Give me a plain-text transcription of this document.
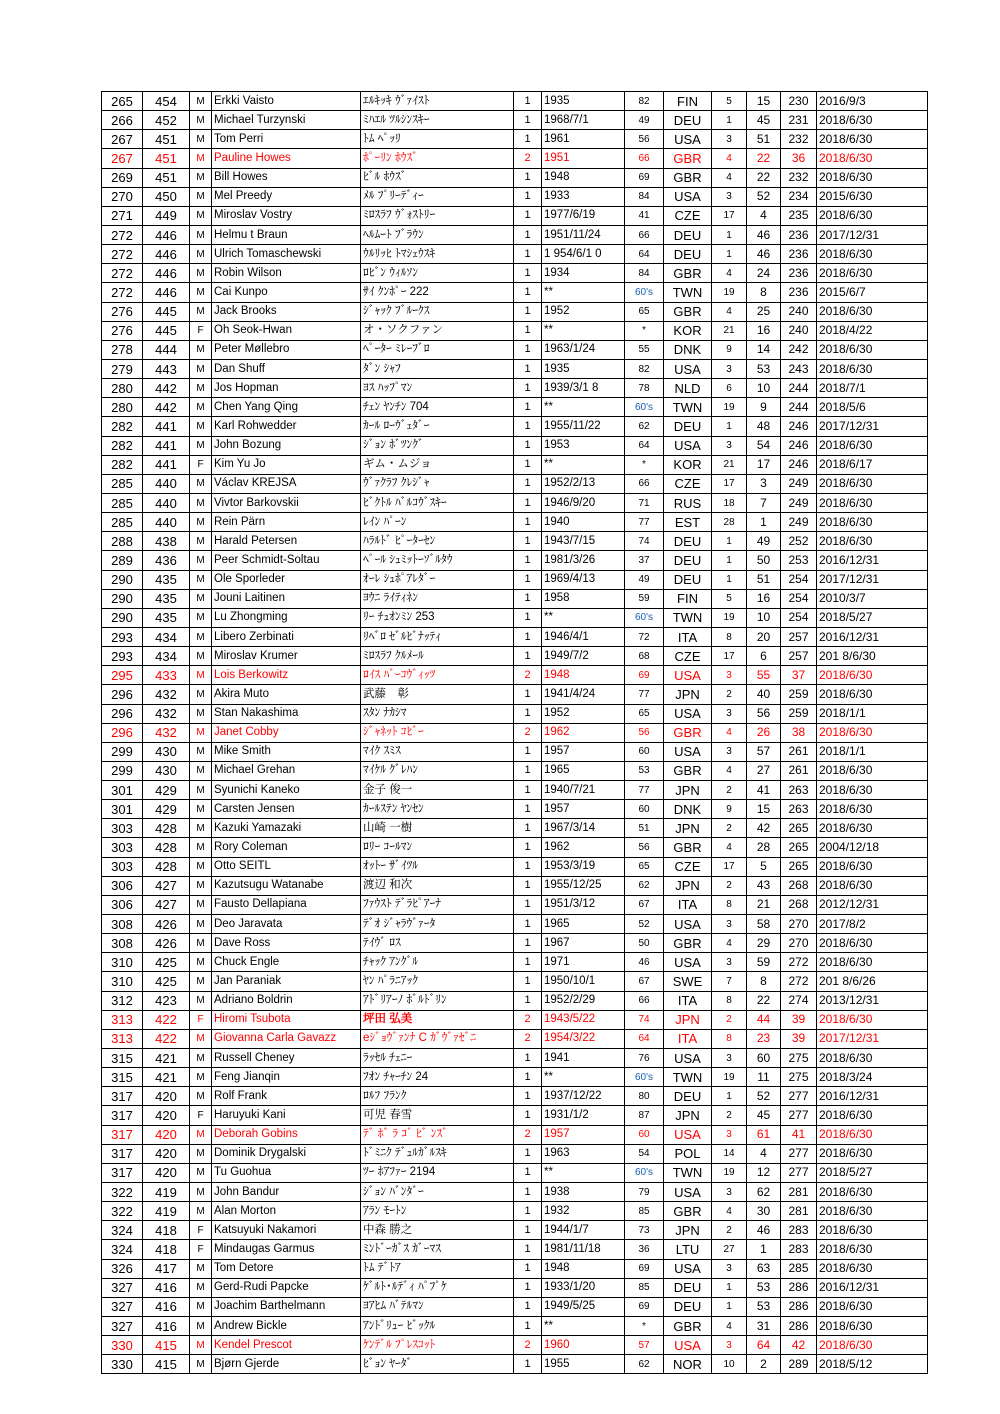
265	454	M	Erkki Vaisto	ｴﾙｷｯｷ ｳﾞｧｲｽﾄ	1	1935	82	FIN	5	15	230	2016/9/3
266	452	M	Michael Turzynski	ﾐﾊｴﾙ ﾂﾙｼﾝｽｷｰ	1	1968/7/1	49	DEU	1	45	231	2018/6/30
267	451	M	Tom Perri	ﾄﾑ ﾍﾟｯﾘ	1	1961	56	USA	3	51	232	2018/6/30
267	451	M	Pauline Howes	ﾎﾟｰﾘﾝ ﾎｳｽﾞ	2	1951	66	GBR	4	22	36	2018/6/30
269	451	M	Bill Howes	ﾋﾞﾙ ﾎｳｽﾞ	1	1948	69	GBR	4	22	232	2018/6/30
270	450	M	Mel Preedy	ﾒﾙ ﾌﾟﾘｰﾃﾞｨｰ	1	1933	84	USA	3	52	234	2015/6/30
271	449	M	Miroslav Vostry	ﾐﾛｽﾗﾌ ｳﾞｫｽﾄﾘｰ	1	1977/6/19	41	CZE	17	4	235	2018/6/30
272	446	M	Helmu t Braun	ﾍﾙﾑｰﾄ ﾌﾞﾗｳﾝ	1	1951/11/24	66	DEU	1	46	236	2017/12/31
272	446	M	Ulrich Tomaschewski	ｳﾙﾘｯﾋ ﾄﾏｼｪｳｽｷ	1	1 954/6/1 0	64	DEU	1	46	236	2018/6/30
272	446	M	Robin Wilson	ﾛﾋﾞﾝ ｳｨﾙｿﾝ	1	1934	84	GBR	4	24	236	2018/6/30
272	446	M	Cai Kunpo	ｻｲ ｸﾝﾎﾟｰ 222	1	**	60's	TWN	19	8	236	2015/6/7
276	445	M	Jack Brooks	ｼﾞｬｯｸ ﾌﾞﾙｰｸｽ	1	1952	65	GBR	4	25	240	2018/6/30
276	445	F	Oh Seok-Hwan	オ・ソクファン	1	**	*	KOR	21	16	240	2018/4/22
278	444	M	Peter Møllebro	ﾍﾟｰﾀｰ ﾐﾚｰﾌﾞﾛ	1	1963/1/24	55	DNK	9	14	242	2018/6/30
279	443	M	Dan Shuff	ﾀﾞﾝ ｼｬﾌ	1	1935	82	USA	3	53	243	2018/6/30
280	442	M	Jos Hopman	ﾖｽ ﾊｯﾌﾟﾏﾝ	1	1939/3/1 8	78	NLD	6	10	244	2018/7/1
280	442	M	Chen Yang Qing	ﾁｪﾝ ﾔﾝﾁﾝ 704	1	**	60's	TWN	19	9	244	2018/5/6
282	441	M	Karl Rohwedder	ｶｰﾙ ﾛｰｳﾞｪﾀﾞｰ	1	1955/11/22	62	DEU	1	48	246	2017/12/31
282	441	M	John Bozung	ｼﾞｮﾝ ﾎﾞﾂﾝｸﾞ	1	1953	64	USA	3	54	246	2018/6/30
282	441	F	Kim Yu Jo	ギム・ムジョ	1	**	*	KOR	21	17	246	2018/6/17
285	440	M	Václav KREJSA	ｳﾞｧｸﾗﾌ ｸﾚｼﾞｬ	1	1952/2/13	66	CZE	17	3	249	2018/6/30
285	440	M	Vivtor Barkovskii	ﾋﾞｸﾄﾙ ﾊﾞﾙｺｳﾞｽｷｰ	1	1946/9/20	71	RUS	18	7	249	2018/6/30
285	440	M	Rein Pärn	ﾚｲﾝ ﾊﾟｰﾝ	1	1940	77	EST	28	1	249	2018/6/30
288	438	M	Harald Petersen	ﾊﾗﾙﾄﾞ ﾋﾟｰﾀｰｾﾝ	1	1943/7/15	74	DEU	1	49	252	2018/6/30
289	436	M	Peer Schmidt-Soltau	ﾍﾟｰﾙ ｼｭﾐｯﾄｰｿﾞﾙﾀｳ	1	1981/3/26	37	DEU	1	50	253	2016/12/31
290	435	M	Ole Sporleder	ｵｰﾚ ｼｭﾎﾟｱﾚﾀﾞｰ	1	1969/4/13	49	DEU	1	51	254	2017/12/31
290	435	M	Jouni Laitinen	ﾖｳﾆ ﾗｲﾃｨﾈﾝ	1	1958	59	FIN	5	16	254	2010/3/7
290	435	M	Lu Zhongming	ﾘｰ ﾁｭｵﾝﾐﾝ 253	1	**	60's	TWN	19	10	254	2018/5/27
293	434	M	Libero Zerbinati	ﾘﾍﾞﾛ ｾﾞﾙﾋﾞﾅｯﾃｨ	1	1946/4/1	72	ITA	8	20	257	2016/12/31
293	434	M	Miroslav Krumer	ﾐﾛｽﾗﾌ ｸﾙﾒｰﾙ	1	1949/7/2	68	CZE	17	6	257	201 8/6/30
295	433	M	Lois Berkowitz	ﾛｲｽ ﾊﾞｰｺｳﾞｨｯﾂ	2	1948	69	USA	3	55	37	2018/6/30
296	432	M	Akira Muto	武藤　彰	1	1941/4/24	77	JPN	2	40	259	2018/6/30
296	432	M	Stan Nakashima	ｽﾀﾝ ﾅｶｼﾏ	1	1952	65	USA	3	56	259	2018/1/1
296	432	M	Janet Cobby	ｼﾞｬﾈｯﾄ ｺﾋﾞｰ	2	1962	56	GBR	4	26	38	2018/6/30
299	430	M	Mike Smith	ﾏｲｸ ｽﾐｽ	1	1957	60	USA	3	57	261	2018/1/1
299	430	M	Michael Grehan	ﾏｲｹﾙ ｸﾞﾚﾊﾝ	1	1965	53	GBR	4	27	261	2018/6/30
301	429	M	Syunichi Kaneko	金子 俊一	1	1940/7/21	77	JPN	2	41	263	2018/6/30
301	429	M	Carsten Jensen	ｶｰﾙｽﾃﾝ ﾔﾝｾﾝ	1	1957	60	DNK	9	15	263	2018/6/30
303	428	M	Kazuki Yamazaki	山崎 一樹	1	1967/3/14	51	JPN	2	42	265	2018/6/30
303	428	M	Rory Coleman	ﾛﾘｰ ｺｰﾙﾏﾝ	1	1962	56	GBR	4	28	265	2004/12/18
303	428	M	Otto SEITL	ｵｯﾄｰ ｻﾞｲﾂﾙ	1	1953/3/19	65	CZE	17	5	265	2018/6/30
306	427	M	Kazutsugu Watanabe	渡辺 和次	1	1955/12/25	62	JPN	2	43	268	2018/6/30
306	427	M	Fausto Dellapiana	ﾌｧｳｽﾄ ﾃﾞﾗﾋﾟｱｰﾅ	1	1951/3/12	67	ITA	8	21	268	2012/12/31
308	426	M	Deo Jaravata	ﾃﾞｵ ｼﾞｬﾗｳﾞｧｰﾀ	1	1965	52	USA	3	58	270	2017/8/2
308	426	M	Dave Ross	ﾃｲｳﾞ ﾛｽ	1	1967	50	GBR	4	29	270	2018/6/30
310	425	M	Chuck Engle	ﾁｬｯｸ ｱﾝｸﾞﾙ	1	1971	46	USA	3	59	272	2018/6/30
310	425	M	Jan Paraniak	ﾔﾝ ﾊﾟﾗﾆｱｯｸ	1	1950/10/1	67	SWE	7	8	272	201 8/6/26
312	423	M	Adriano Boldrin	ｱﾄﾞﾘｱｰﾉ ﾎﾞﾙﾄﾞﾘﾝ	1	1952/2/29	66	ITA	8	22	274	2013/12/31
313	422	F	Hiromi Tsubota	坪田 弘美	2	1943/5/22	74	JPN	2	44	39	2018/6/30
313	422	M	Giovanna Carla Gavazz	eｼﾞｮｳﾞｧﾝﾅ C ｶﾞｳﾞｧｾﾞﾆ	2	1954/3/22	64	ITA	8	23	39	2017/12/31
315	421	M	Russell Cheney	ﾗｯｾﾙ ﾁｪﾆｰ	1	1941	76	USA	3	60	275	2018/6/30
315	421	M	Feng Jianqin	ﾌｵﾝ ﾁｬｰﾁﾝ 24	1	**	60's	TWN	19	11	275	2018/3/24
317	420	M	Rolf Frank	ﾛﾙﾌ ﾌﾗﾝｸ	1	1937/12/22	80	DEU	1	52	277	2016/12/31
317	420	F	Haruyuki Kani	可児 春雪	1	1931/1/2	87	JPN	2	45	277	2018/6/30
317	420	M	Deborah Gobins	ﾃﾞ ﾎﾞ ﾗ ｺﾞ ﾋﾞ ﾝｽﾞ	2	1957	60	USA	3	61	41	2018/6/30
317	420	M	Dominik Drygalski	ﾄﾞﾐﾆｸ ﾃﾞｭﾙｶﾞﾙｽｷ	1	1963	54	POL	14	4	277	2018/6/30
317	420	M	Tu Guohua	ﾂｰ ﾎｱﾌｧｰ 2194	1	**	60's	TWN	19	12	277	2018/5/27
322	419	M	John Bandur	ｼﾞｮﾝ ﾊﾞﾝﾀﾞｰ	1	1938	79	USA	3	62	281	2018/6/30
322	419	M	Alan Morton	ｱﾗﾝ ﾓｰﾄﾝ	1	1932	85	GBR	4	30	281	2018/6/30
324	418	F	Katsuyuki Nakamori	中森 勝之	1	1944/1/7	73	JPN	2	46	283	2018/6/30
324	418	F	Mindaugas Garmus	ﾐﾝﾄﾞｰｶﾞｽ ｶﾞｰﾏｽ	1	1981/11/18	36	LTU	27	1	283	2018/6/30
326	417	M	Tom Detore	ﾄﾑ ﾃﾞﾄｱ	1	1948	69	USA	3	63	285	2018/6/30
327	416	M	Gerd-Rudi Papcke	ｹﾞﾙﾄ･ﾙﾃﾞｨ ﾊﾟﾌﾟｹ	1	1933/1/20	85	DEU	1	53	286	2016/12/31
327	416	M	Joachim Barthelmann	ﾖｱﾋﾑ ﾊﾞﾃﾙﾏﾝ	1	1949/5/25	69	DEU	1	53	286	2018/6/30
327	416	M	Andrew Bickle	ｱﾝﾄﾞﾘｭｰ ﾋﾞｯｸﾙ	1	**	*	GBR	4	31	286	2018/6/30
330	415	M	Kendel Prescot	ｹﾝﾃﾞﾙ ﾌﾟﾚｽｺｯﾄ	2	1960	57	USA	3	64	42	2018/6/30
330	415	M	Bjørn Gjerde	ﾋﾞｮﾝ ﾔｰﾀﾞ	1	1955	62	NOR	10	2	289	2018/5/12
